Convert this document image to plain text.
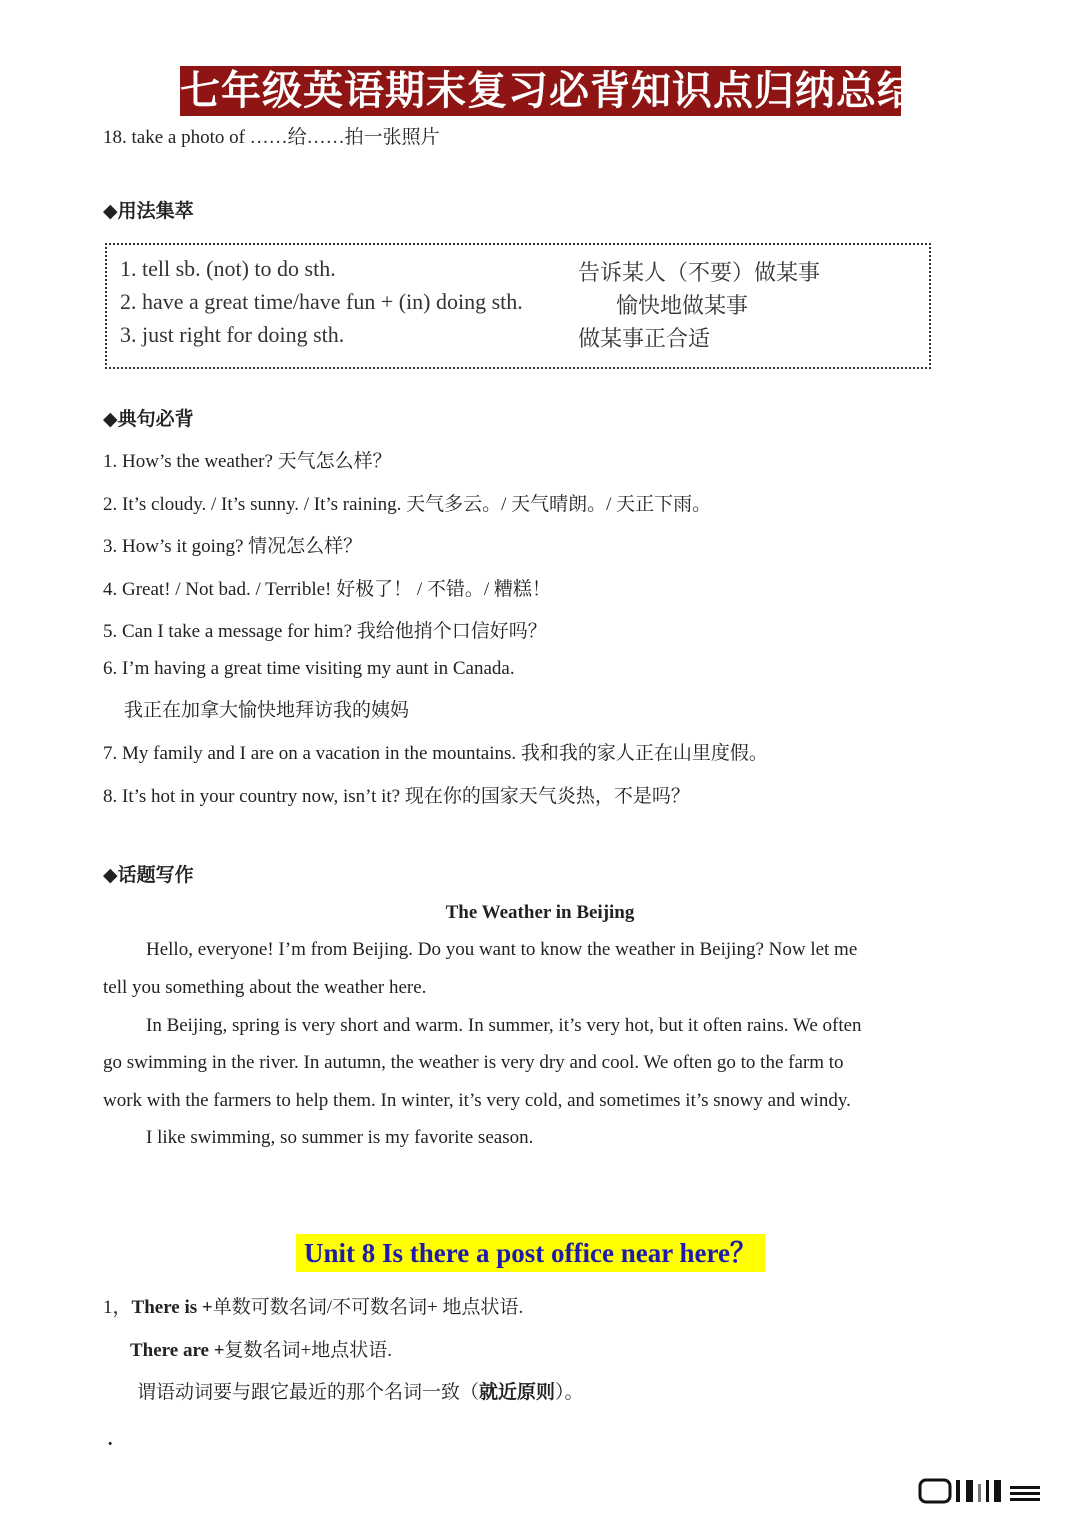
七年级英语期末复习必背知识点归纳总结
18. take a photo of ……给……拍一张照片
◆用法集萃
1. tell sb. (not) to do sth.	告诉某人（不要）做某事
2. have a great time/have fun + (in) doing sth.	愉快地做某事
3. just right for doing sth.	做某事正合适
◆典句必背
1. How’s the weather? 天气怎么样？
2. It’s cloudy. / It’s sunny. / It’s raining. 天气多云。/ 天气晴朗。/ 天正下雨。
3. How’s it going? 情况怎么样？
4. Great! / Not bad. / Terrible! 好极了！ / 不错。/ 糟糕！
5. Can I take a message for him? 我给他捎个口信好吗？
6. I’m having a great time visiting my aunt in Canada.
我正在加拿大愉快地拜访我的姨妈
7. My family and I are on a vacation in the mountains. 我和我的家人正在山里度假。
8. It’s hot in your country now, isn’t it? 现在你的国家天气炎热，不是吗？
◆话题写作
The Weather in Beijing
Hello, everyone! I’m from Beijing. Do you want to know the weather in Beijing? Now let me
tell you something about the weather here.
In Beijing, spring is very short and warm. In summer, it’s very hot, but it often rains. We often
go swimming in the river. In autumn, the weather is very dry and cool. We often go to the farm to
work with the farmers to help them. In winter, it’s very cold, and sometimes it’s snowy and windy.
I like swimming, so summer is my favorite season.
Unit 8 Is there a post office near here？
1，There is +单数可数名词/不可数名词+ 地点状语.
There are +复数名词+地点状语.
谓语动词要与跟它最近的那个名词一致（就近原则）。
·
